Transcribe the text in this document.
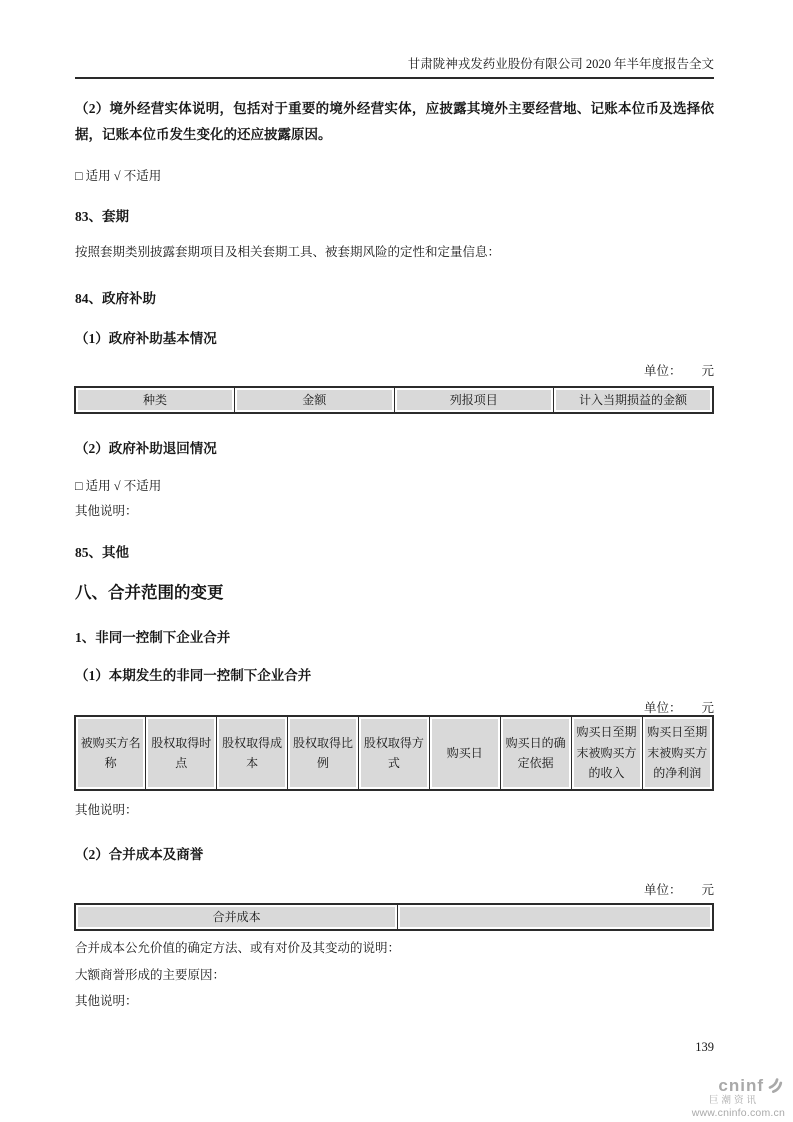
甘肃陇神戎发药业股份有限公司 2020 年半年度报告全文
（2）境外经营实体说明，包括对于重要的境外经营实体，应披露其境外主要经营地、记账本位币及选择依据，记账本位币发生变化的还应披露原因。
□ 适用 √ 不适用
83、套期
按照套期类别披露套期项目及相关套期工具、被套期风险的定性和定量信息：
84、政府补助
（1）政府补助基本情况
单位： 元
种类	金额	列报项目	计入当期损益的金额
（2）政府补助退回情况
□ 适用 √ 不适用
其他说明：
85、其他
八、合并范围的变更
1、非同一控制下企业合并
（1）本期发生的非同一控制下企业合并
单位： 元
被购买方名称	股权取得时点	股权取得成本	股权取得比例	股权取得方式	购买日	购买日的确定依据	购买日至期末被购买方的收入	购买日至期末被购买方的净利润
其他说明：
（2）合并成本及商誉
单位： 元
合并成本	
合并成本公允价值的确定方法、或有对价及其变动的说明：
大额商誉形成的主要原因：
其他说明：
139
cninf
巨潮资讯
www.cninfo.com.cn
